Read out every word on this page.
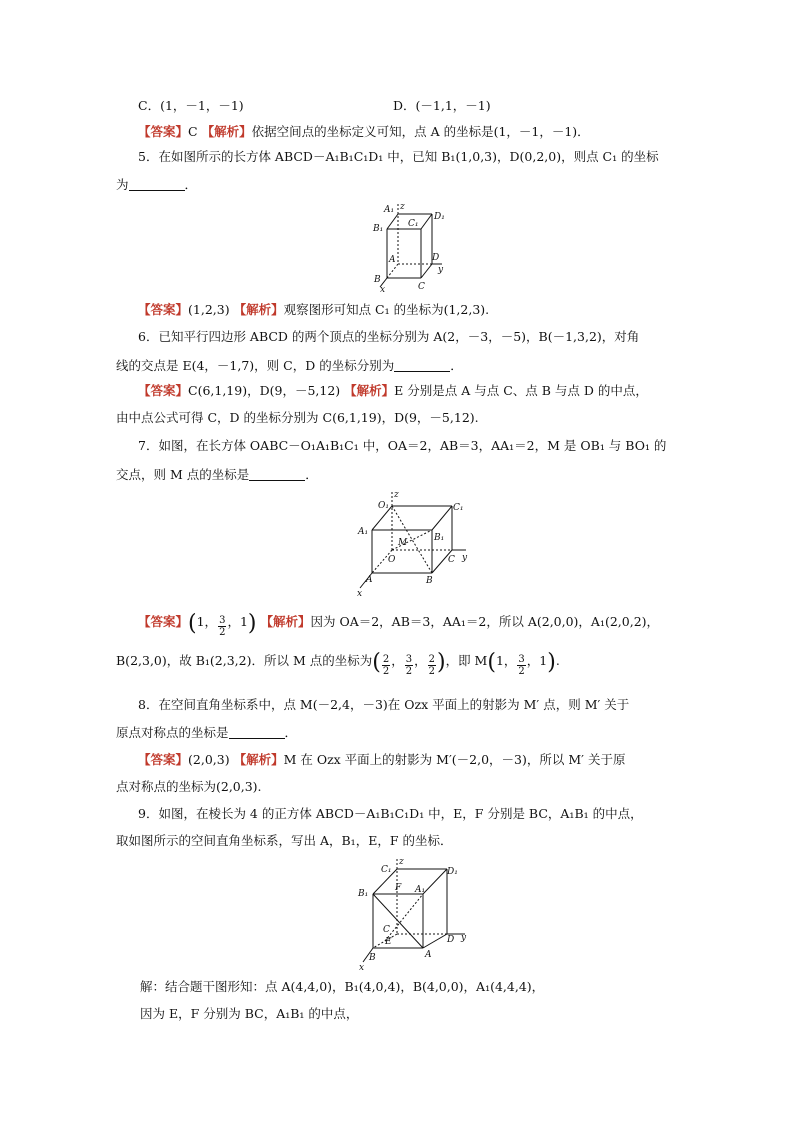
C．(1，－1，－1)	D．(－1,1，－1)
【答案】C 【解析】依据空间点的坐标定义可知，点 A 的坐标是(1，－1，－1)．
5．在如图所示的长方体 ABCD－A₁B₁C₁D₁ 中，已知 B₁(1,0,3)，D(0,2,0)，则点 C₁ 的坐标
为	．
A₁ z
D₁
B₁	C₁
A	D
y
B
C
x
【答案】(1,2,3) 【解析】观察图形可知点 C₁ 的坐标为(1,2,3).
6．已知平行四边形 ABCD 的两个顶点的坐标分别为 A(2，－3，－5)，B(－1,3,2)，对角
线的交点是 E(4，－1,7)，则 C，D 的坐标分别为	．
【答案】C(6,1,19)，D(9，－5,12) 【解析】E 分别是点 A 与点 C、点 B 与点 D 的中点，
由中点公式可得 C，D 的坐标分别为 C(6,1,19)，D(9，－5,12).
7．如图，在长方体 OABC－O₁A₁B₁C₁ 中，OA＝2，AB＝3，AA₁＝2，M 是 OB₁ 与 BO₁ 的
交点，则 M 点的坐标是	．
O₁
z
C₁
A₁
M	B₁
O	C y
A	B
x
【答案】(1， $\frac{3}{2}$ ，1) 【解析】因为 OA＝2，AB＝3，AA₁＝2，所以 A(2,0,0)，A₁(2,0,2)，
B(2,3,0)，故 B₁(2,3,2)．所以 M 点的坐标为( $\frac{2}{2}$ ， $\frac{3}{2}$ ， $\frac{2}{2}$ )，即 M(1， $\frac{3}{2}$ ，1).
8．在空间直角坐标系中，点 M(－2,4，－3)在 Ozx 平面上的射影为 M′ 点，则 M′ 关于
原点对称点的坐标是	．
【答案】(2,0,3) 【解析】M 在 Ozx 平面上的射影为 M′(－2,0，－3)，所以 M′ 关于原
点对称点的坐标为(2,0,3).
9．如图，在棱长为 4 的正方体 ABCD－A₁B₁C₁D₁ 中，E，F 分别是 BC，A₁B₁ 的中点，
取如图所示的空间直角坐标系，写出 A，B₁，E，F 的坐标．
C₁
z
D₁
F A₁
B₁
C
E	D y
B	A
x
解：结合题干图形知：点 A(4,4,0)，B₁(4,0,4)，B(4,0,0)，A₁(4,4,4)，
因为 E，F 分别为 BC，A₁B₁ 的中点，
